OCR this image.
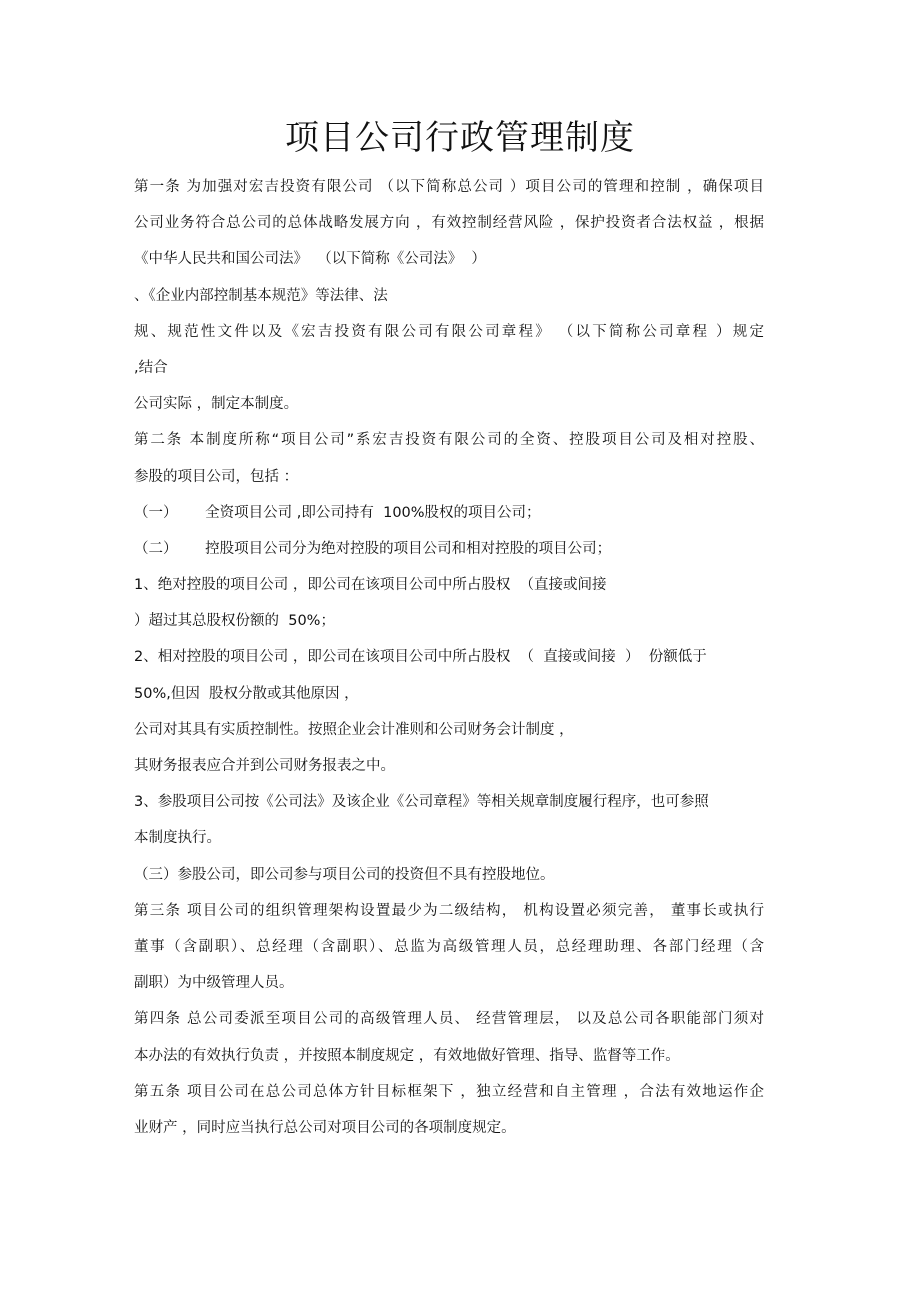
项目公司行政管理制度
第一条 为加强对宏吉投资有限公司 （以下简称总公司 ）项目公司的管理和控制 ，确保项目
公司业务符合总公司的总体战略发展方向 ，有效控制经营风险 ，保护投资者合法权益 ，根据
《中华人民共和国公司法》  （以下简称《公司法》  ）
、《企业内部控制基本规范》等法律、法
规、规范性文件以及《宏吉投资有限公司有限公司章程》 （以下简称公司章程 ）规定
,结合
公司实际 ，制定本制度。
第二条 本制度所称“项目公司”系宏吉投资有限公司的全资、控股项目公司及相对控股、
参股的项目公司，包括 ：
（一）      全资项目公司 ,即公司持有  100%股权的项目公司；
（二）      控股项目公司分为绝对控股的项目公司和相对控股的项目公司；
1、绝对控股的项目公司 ，即公司在该项目公司中所占股权  （直接或间接
）超过其总股权份额的  50%；
2、相对控股的项目公司 ，即公司在该项目公司中所占股权  （  直接或间接  ）  份额低于
50%,但因  股权分散或其他原因 ，
公司对其具有实质控制性。按照企业会计准则和公司财务会计制度 ，
其财务报表应合并到公司财务报表之中。
3、参股项目公司按《公司法》及该企业《公司章程》等相关规章制度履行程序，也可参照
本制度执行。
（三）参股公司，即公司参与项目公司的投资但不具有控股地位。
第三条 项目公司的组织管理架构设置最少为二级结构， 机构设置必须完善， 董事长或执行
董事（含副职）、总经理（含副职）、总监为高级管理人员，总经理助理、各部门经理（含
副职）为中级管理人员。
第四条 总公司委派至项目公司的高级管理人员、 经营管理层， 以及总公司各职能部门须对
本办法的有效执行负责 ，并按照本制度规定 ，有效地做好管理、指导、监督等工作。
第五条 项目公司在总公司总体方针目标框架下 ，独立经营和自主管理 ，合法有效地运作企
业财产 ，同时应当执行总公司对项目公司的各项制度规定。
